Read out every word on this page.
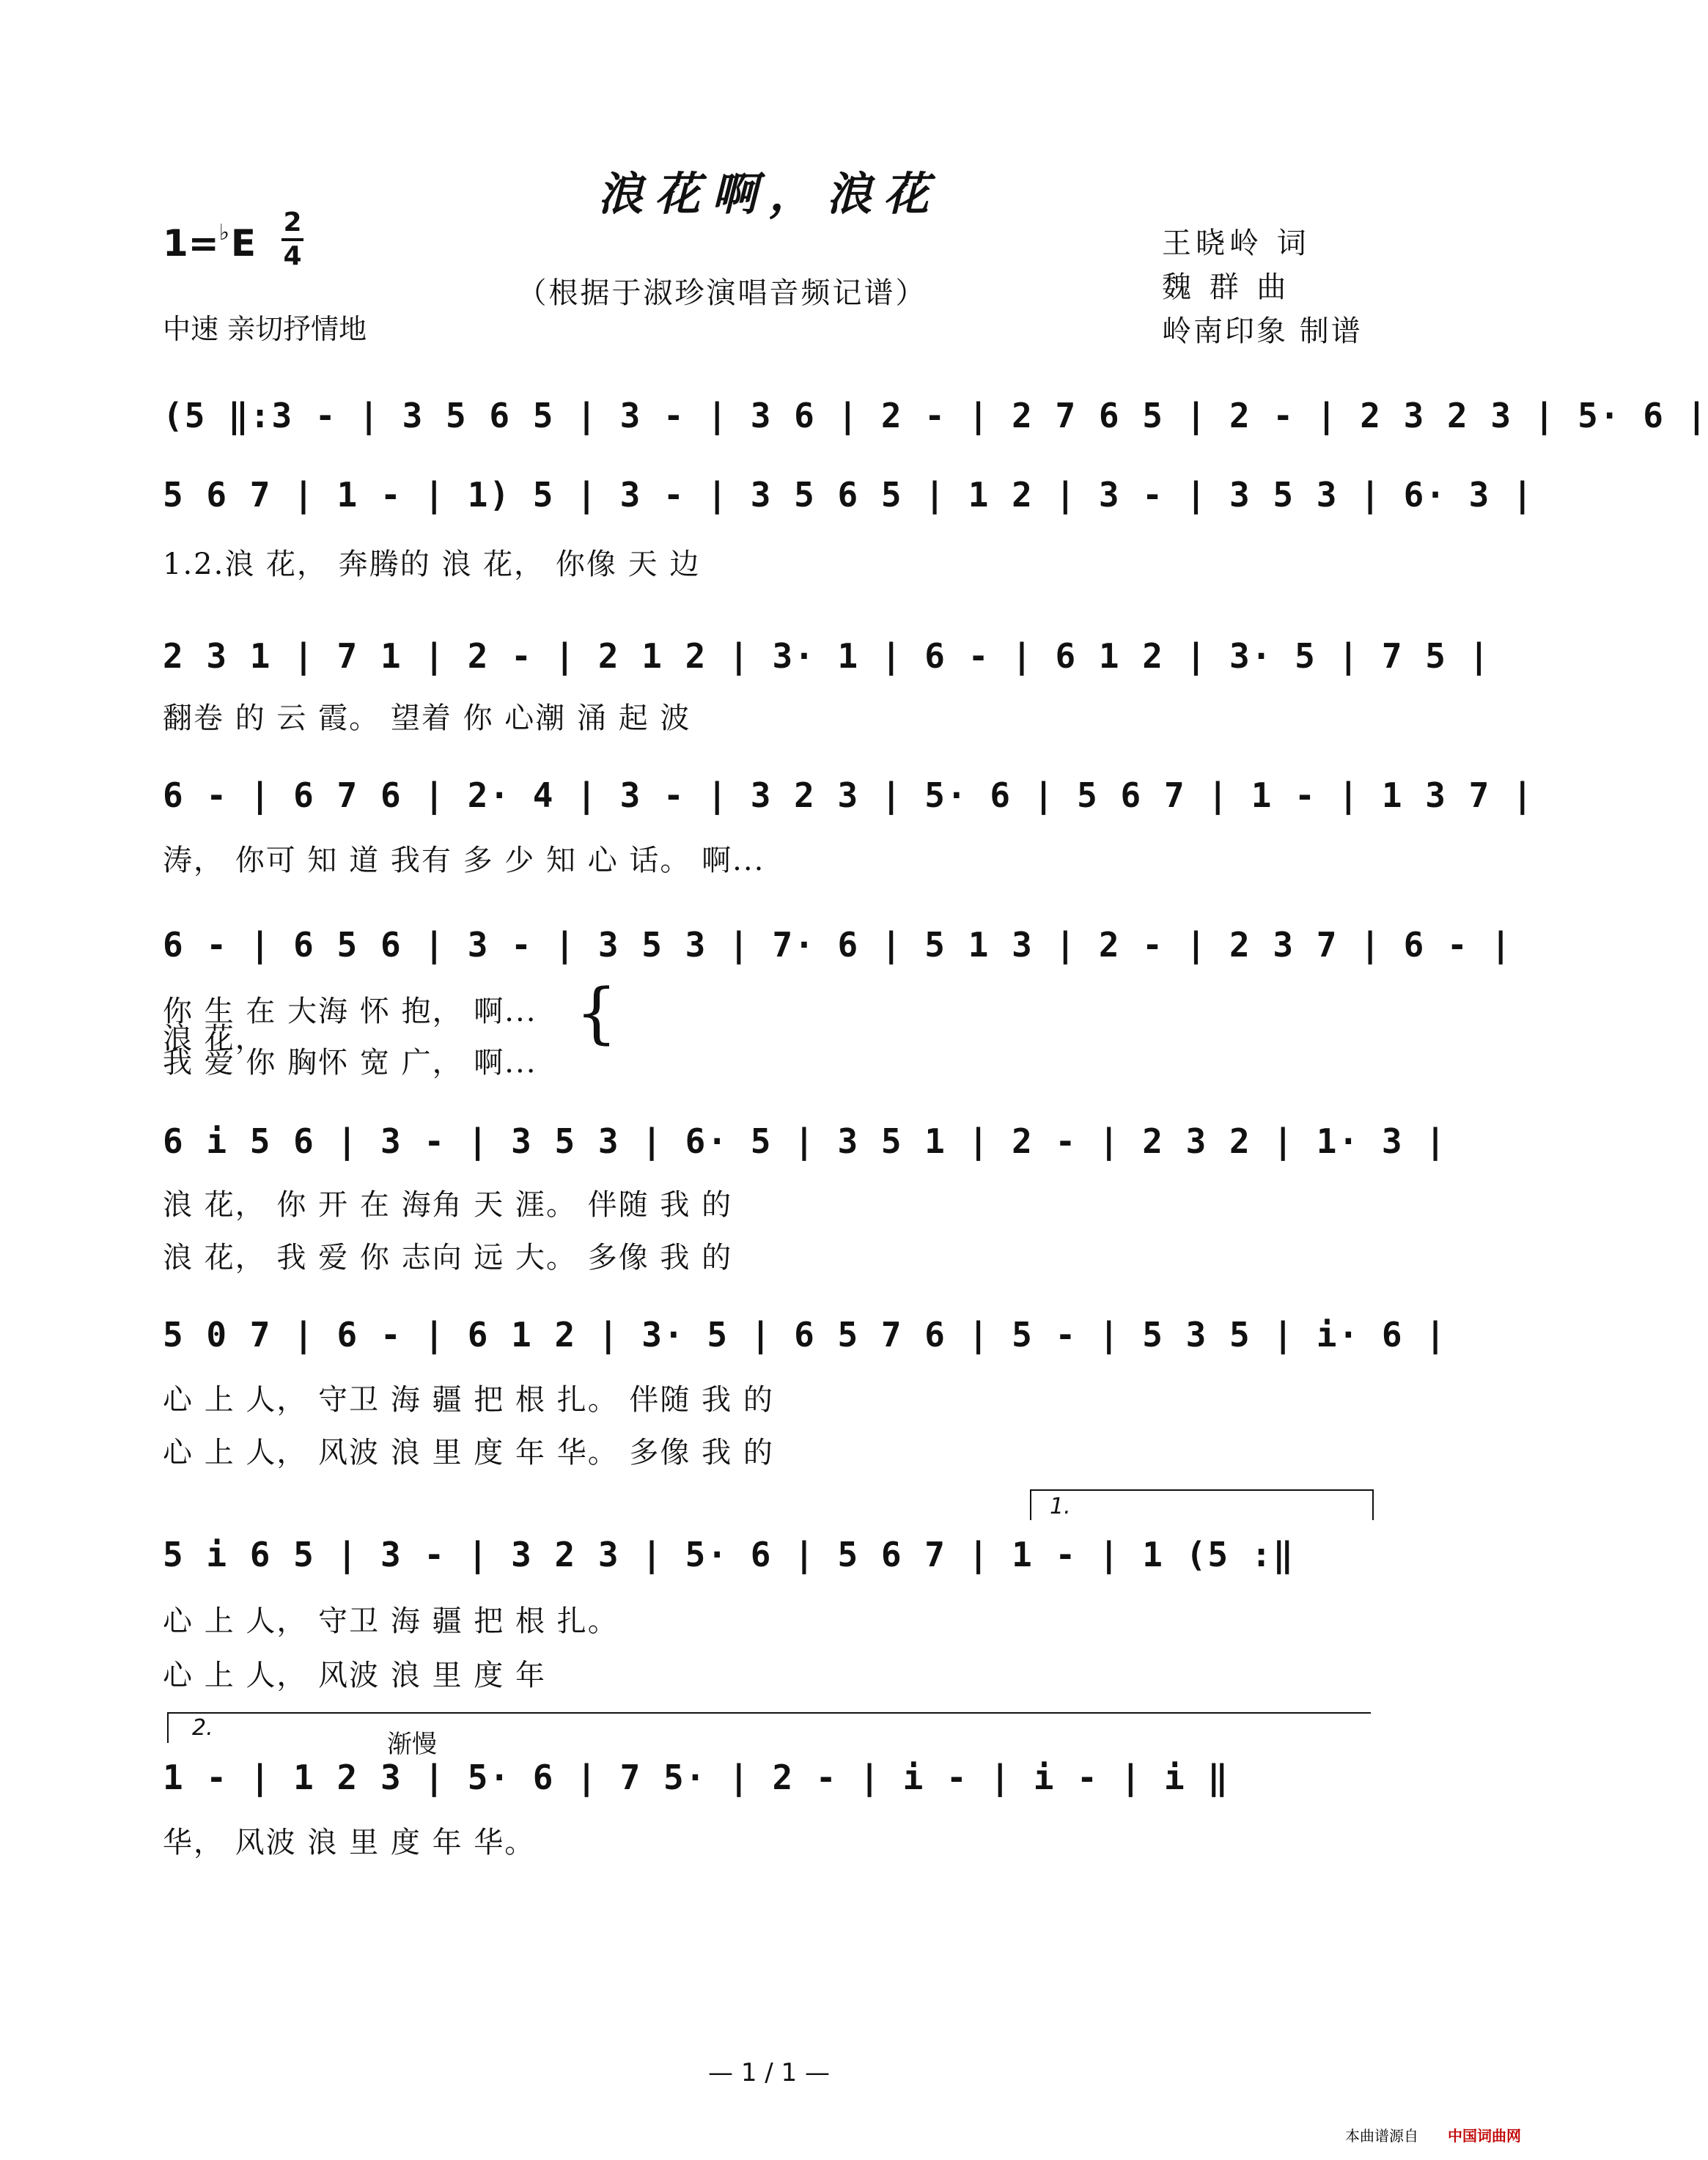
浪花啊，浪花
1=♭E 2
4
（根据于淑珍演唱音频记谱）
中速 亲切抒情地
王晓岭 词
魏 群 曲
岭南印象 制谱
(5 ‖:3 - | 3 5 6 5 | 3 - | 3 6 | 2 - | 2 7 6 5 | 2 - | 2 3 2 3 | 5· 6 |
5 6 7 | 1 - | 1) 5 | 3 - | 3 5 6 5 | 1 2 | 3 - | 3 5 3 | 6· 3 |
1.2.浪 花， 奔腾的 浪 花， 你像 天 边
2 3 1 | 7 1 | 2 - | 2 1 2 | 3· 1 | 6 - | 6 1 2 | 3· 5 | 7 5 |
翻卷 的 云 霞。 望着 你 心潮 涌 起 波
6 - | 6 7 6 | 2· 4 | 3 - | 3 2 3 | 5· 6 | 5 6 7 | 1 - | 1 3 7 |
涛， 你可 知 道 我有 多 少 知 心 话。 啊...
6 - | 6 5 6 | 3 - | 3 5 3 | 7· 6 | 5 1 3 | 2 - | 2 3 7 | 6 - |
你 生 在 大海 怀 抱， 啊...
浪 花，
我 爱 你 胸怀 宽 广， 啊...
{
6 i 5 6 | 3 - | 3 5 3 | 6· 5 | 3 5 1 | 2 - | 2 3 2 | 1· 3 |
浪 花， 你 开 在 海角 天 涯。 伴随 我 的
浪 花， 我 爱 你 志向 远 大。 多像 我 的
5 0 7 | 6 - | 6 1 2 | 3· 5 | 6 5 7 6 | 5 - | 5 3 5 | i· 6 |
心 上 人， 守卫 海 疆 把 根 扎。 伴随 我 的
心 上 人， 风波 浪 里 度 年 华。 多像 我 的
1.
5 i 6 5 | 3 - | 3 2 3 | 5· 6 | 5 6 7 | 1 - | 1 (5 :‖
心 上 人， 守卫 海 疆 把 根 扎。
心 上 人， 风波 浪 里 度 年
2.
渐慢
1 - | 1 2 3 | 5· 6 | 7 5· | 2 - | i - | i - | i ‖
华， 风波 浪 里 度 年 华。
— 1 / 1 —
本曲谱源自 中国词曲网
